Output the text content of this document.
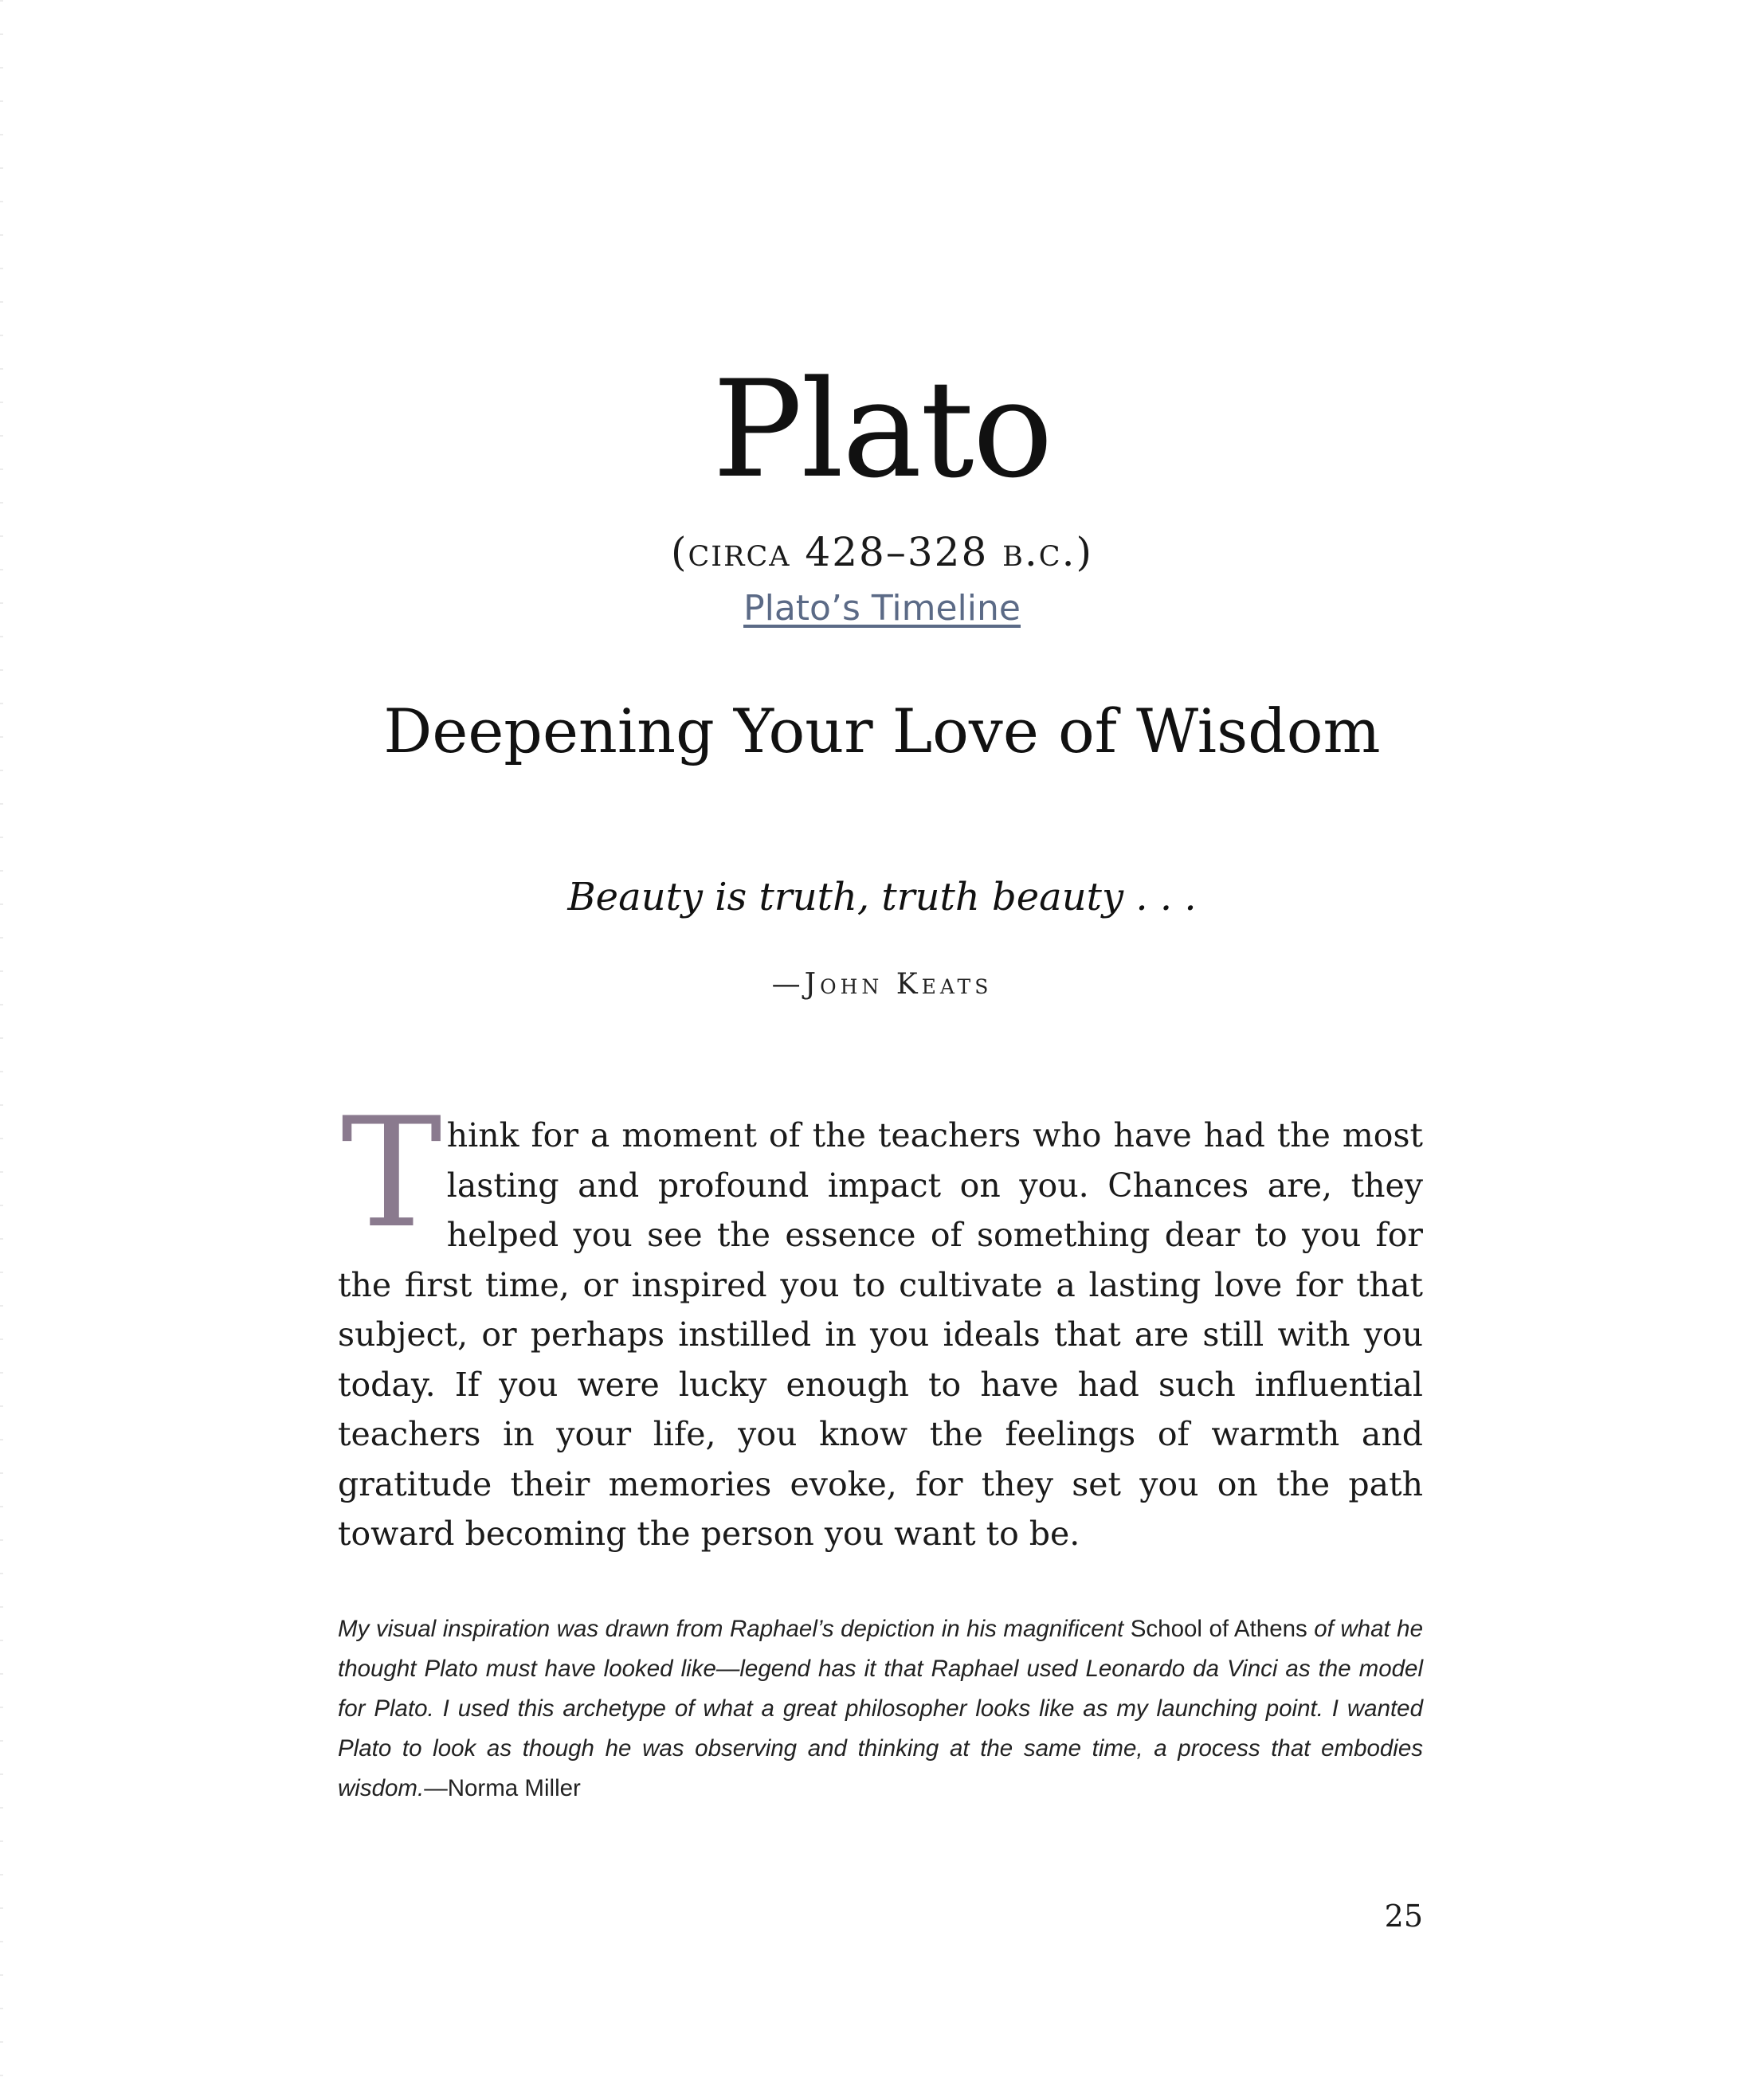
Plato
(circa 428–328 b.c.)
Plato’s Timeline
Deepening Your Love of Wisdom
Beauty is truth, truth beauty . . .
—John Keats

Think for a moment of the teachers who have had the most lasting and profound impact on you. Chances are, they helped you see the essence of something dear to you for the first time, or inspired you to cultivate a lasting love for that subject, or perhaps instilled in you ideals that are still with you today. If you were lucky enough to have had such influential teachers in your life, you know the feelings of warmth and gratitude their memories evoke, for they set you on the path toward becoming the person you want to be.

My visual inspiration was drawn from Raphael’s depiction in his magnificent School of Athens of what he thought Plato must have looked like—legend has it that Raphael used Leonardo da Vinci as the model for Plato. I used this archetype of what a great philosopher looks like as my launching point. I wanted Plato to look as though he was observing and thinking at the same time, a process that embodies wisdom.—Norma Miller

25
